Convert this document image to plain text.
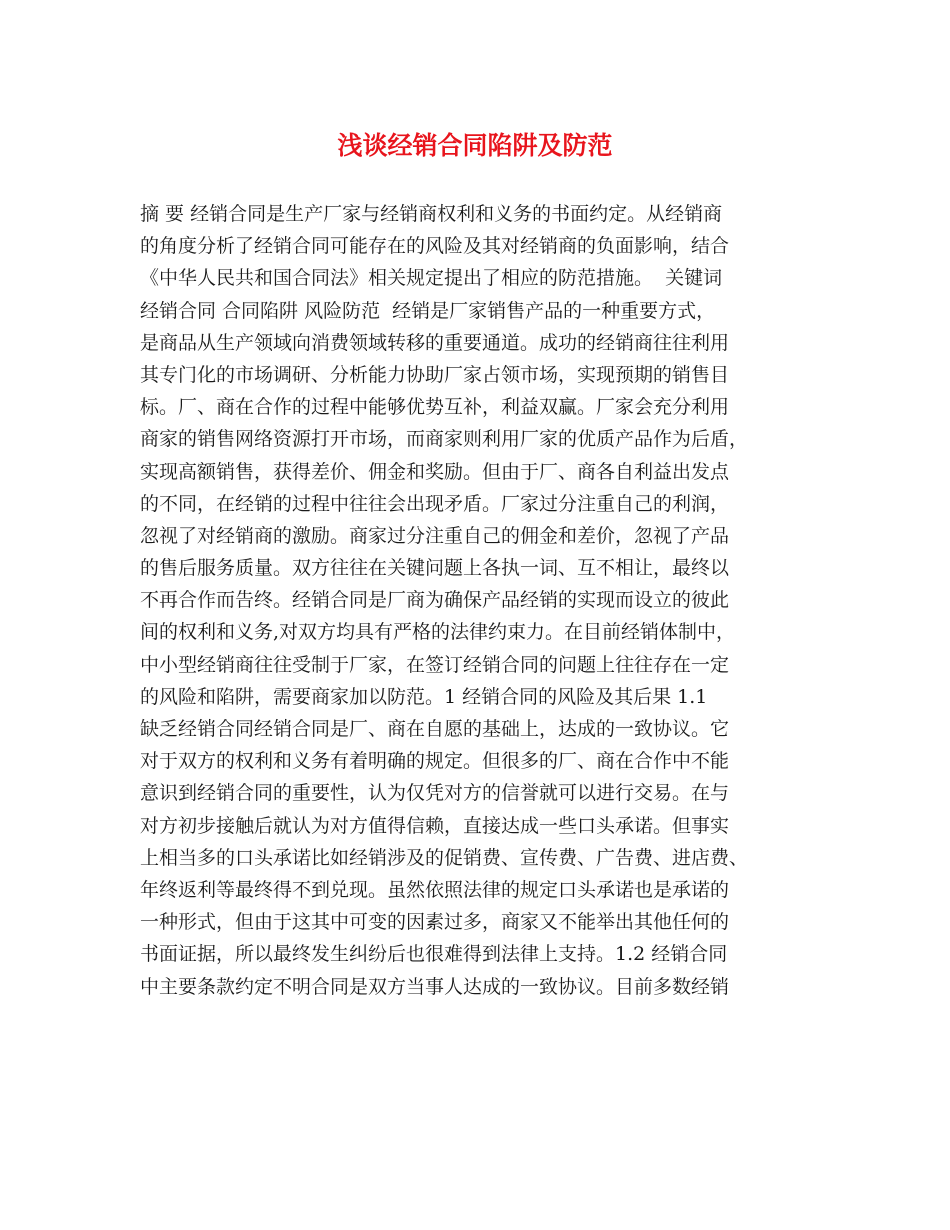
浅谈经销合同陷阱及防范
摘 要 经销合同是生产厂家与经销商权利和义务的书面约定。从经销商
的角度分析了经销合同可能存在的风险及其对经销商的负面影响，结合
《中华人民共和国合同法》相关规定提出了相应的防范措施。  关键词
经销合同 合同陷阱 风险防范  经销是厂家销售产品的一种重要方式，
是商品从生产领域向消费领域转移的重要通道。成功的经销商往往利用
其专门化的市场调研、分析能力协助厂家占领市场，实现预期的销售目
标。厂、商在合作的过程中能够优势互补，利益双赢。厂家会充分利用
商家的销售网络资源打开市场，而商家则利用厂家的优质产品作为后盾，
实现高额销售，获得差价、佣金和奖励。但由于厂、商各自利益出发点
的不同，在经销的过程中往往会出现矛盾。厂家过分注重自己的利润，
忽视了对经销商的激励。商家过分注重自己的佣金和差价，忽视了产品
的售后服务质量。双方往往在关键问题上各执一词、互不相让，最终以
不再合作而告终。经销合同是厂商为确保产品经销的实现而设立的彼此
间的权利和义务,对双方均具有严格的法律约束力。在目前经销体制中，
中小型经销商往往受制于厂家，在签订经销合同的问题上往往存在一定
的风险和陷阱，需要商家加以防范。1 经销合同的风险及其后果 1.1
缺乏经销合同经销合同是厂、商在自愿的基础上，达成的一致协议。它
对于双方的权利和义务有着明确的规定。但很多的厂、商在合作中不能
意识到经销合同的重要性，认为仅凭对方的信誉就可以进行交易。在与
对方初步接触后就认为对方值得信赖，直接达成一些口头承诺。但事实
上相当多的口头承诺比如经销涉及的促销费、宣传费、广告费、进店费、
年终返利等最终得不到兑现。虽然依照法律的规定口头承诺也是承诺的
一种形式，但由于这其中可变的因素过多，商家又不能举出其他任何的
书面证据，所以最终发生纠纷后也很难得到法律上支持。1.2 经销合同
中主要条款约定不明合同是双方当事人达成的一致协议。目前多数经销
